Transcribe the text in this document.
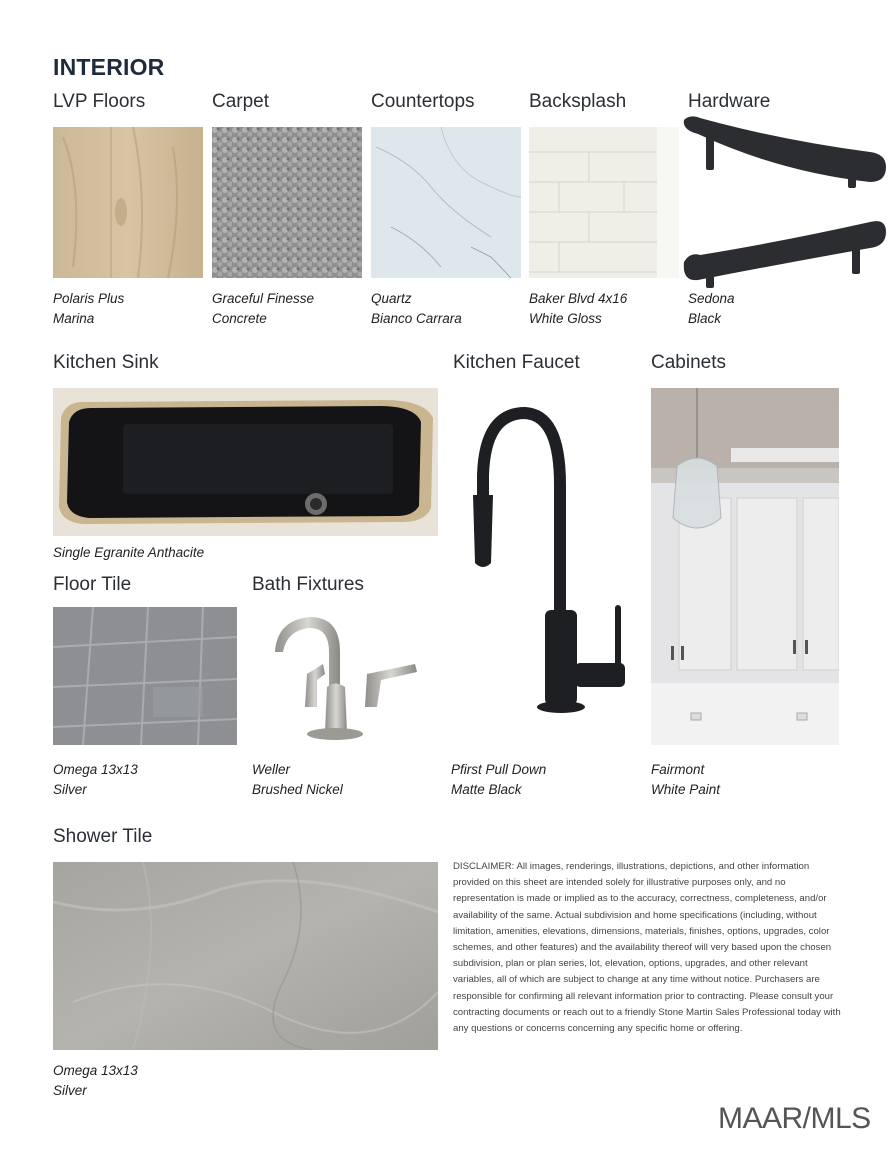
INTERIOR
LVP Floors	Carpet	Countertops	Backsplash	Hardware
Polaris Plus
Marina
Graceful Finesse
Concrete
Quartz
Bianco Carrara
Baker Blvd 4x16
White Gloss
Sedona
Black
Kitchen Sink	Kitchen Faucet	Cabinets
Single Egranite Anthacite
Floor Tile	Bath Fixtures
Omega 13x13
Silver
Weller
Brushed Nickel
Pfirst Pull Down
Matte Black
Fairmont
White Paint
Shower Tile
Omega 13x13
Silver
DISCLAIMER: All images, renderings, illustrations, depictions, and other information provided on this sheet are intended solely for illustrative purposes only, and no representation is made or implied as to the accuracy, correctness, completeness, and/or availability of the same. Actual subdivision and home specifications (including, without limitation, amenities, elevations, dimensions, materials, finishes, options, upgrades, color schemes, and other features) and the availability thereof will very based upon the chosen subdivision, plan or plan series, lot, elevation, options, upgrades, and other relevant variables, all of which are subject to change at any time without notice. Purchasers are responsible for confirming all relevant information prior to contracting. Please consult your contracting documents or reach out to a friendly Stone Martin Sales Professional today with any questions or concerns concerning any specific home or offering.
MAAR/MLS
